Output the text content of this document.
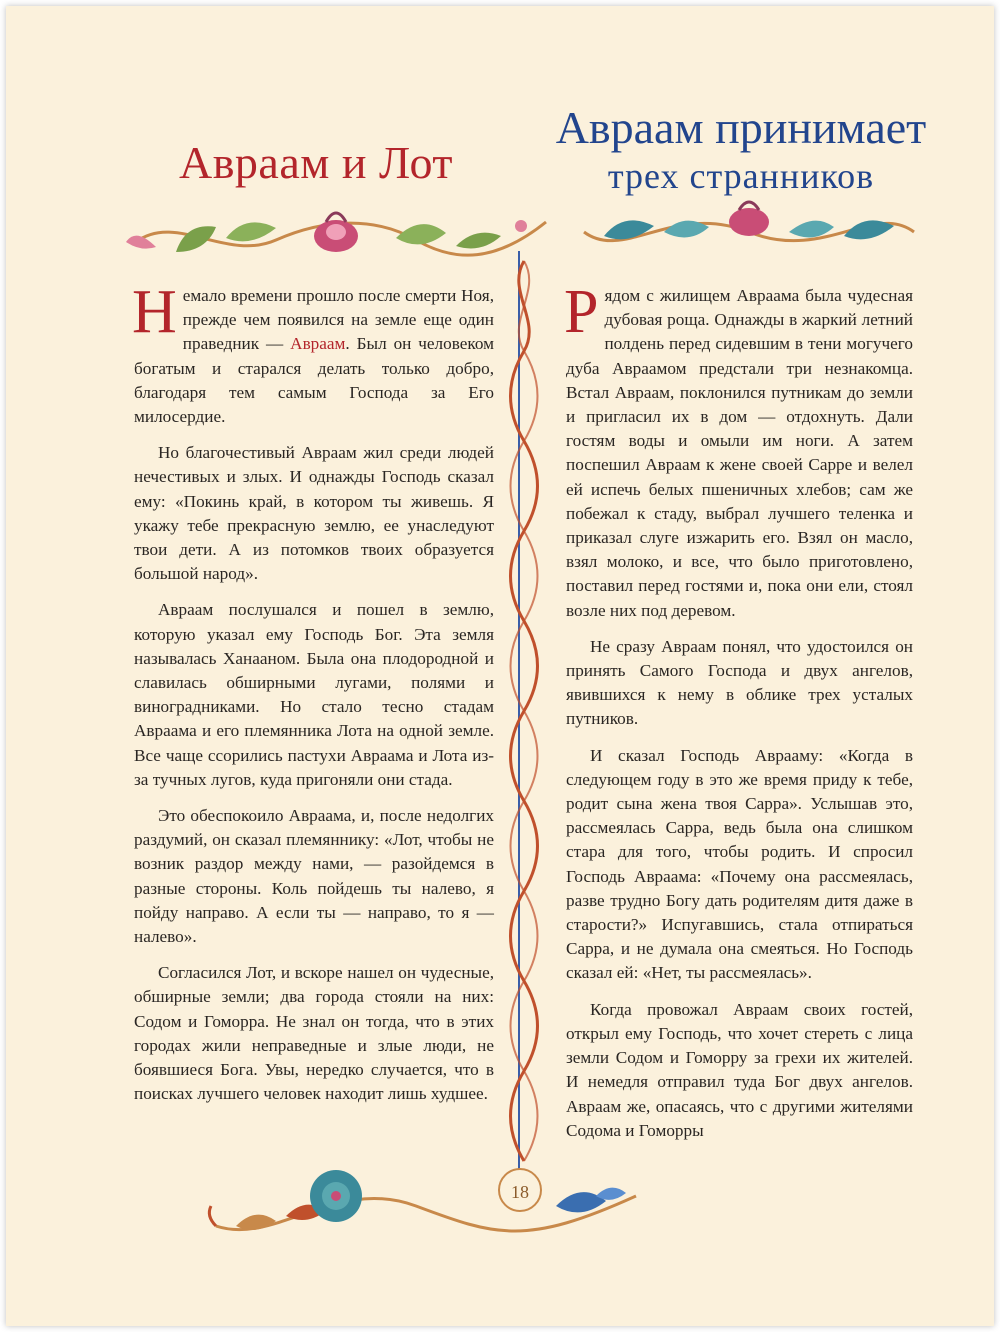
Авраам и Лот
Авраам принимает
трех странников

Немало времени прошло после смерти Ноя, прежде чем появился на земле еще один праведник — Авраам. Был он человеком богатым и старался делать только добро, благодаря тем самым Господа за Его милосердие.

Но благочестивый Авраам жил среди людей нечестивых и злых. И однажды Господь сказал ему: «Покинь край, в котором ты живешь. Я укажу тебе прекрасную землю, ее унаследуют твои дети. А из потомков твоих образуется большой народ».

Авраам послушался и пошел в землю, которую указал ему Господь Бог. Эта земля называлась Ханааном. Была она плодородной и славилась обширными лугами, полями и виноградниками. Но стало тесно стадам Авраама и его племянника Лота на одной земле. Все чаще ссорились пастухи Авраама и Лота из-за тучных лугов, куда пригоняли они стада.

Это обеспокоило Авраама, и, после недолгих раздумий, он сказал племяннику: «Лот, чтобы не возник раздор между нами, — разойдемся в разные стороны. Коль пойдешь ты налево, я пойду направо. А если ты — направо, то я — налево».

Согласился Лот, и вскоре нашел он чудесные, обширные земли; два города стояли на них: Содом и Гоморра. Не знал он тогда, что в этих городах жили неправедные и злые люди, не боявшиеся Бога. Увы, нередко случается, что в поисках лучшего человек находит лишь худшее.

Рядом с жилищем Авраама была чудесная дубовая роща. Однажды в жаркий летний полдень перед сидевшим в тени могучего дуба Авраамом предстали три незнакомца. Встал Авраам, поклонился путникам до земли и пригласил их в дом — отдохнуть. Дали гостям воды и омыли им ноги. А затем поспешил Авраам к жене своей Сарре и велел ей испечь белых пшеничных хлебов; сам же побежал к стаду, выбрал лучшего теленка и приказал слуге изжарить его. Взял он масло, взял молоко, и все, что было приготовлено, поставил перед гостями и, пока они ели, стоял возле них под деревом.

Не сразу Авраам понял, что удостоился он принять Самого Господа и двух ангелов, явившихся к нему в облике трех усталых путников.

И сказал Господь Аврааму: «Когда в следующем году в это же время приду к тебе, родит сына жена твоя Сарра». Услышав это, рассмеялась Сарра, ведь была она слишком стара для того, чтобы родить. И спросил Господь Авраама: «Почему она рассмеялась, разве трудно Богу дать родителям дитя даже в старости?» Испугавшись, стала отпираться Сарра, и не думала она смеяться. Но Господь сказал ей: «Нет, ты рассмеялась».

Когда провожал Авраам своих гостей, открыл ему Господь, что хочет стереть с лица земли Содом и Гоморру за грехи их жителей. И немедля отправил туда Бог двух ангелов. Авраам же, опасаясь, что с другими жителями Содома и Гоморры

18
